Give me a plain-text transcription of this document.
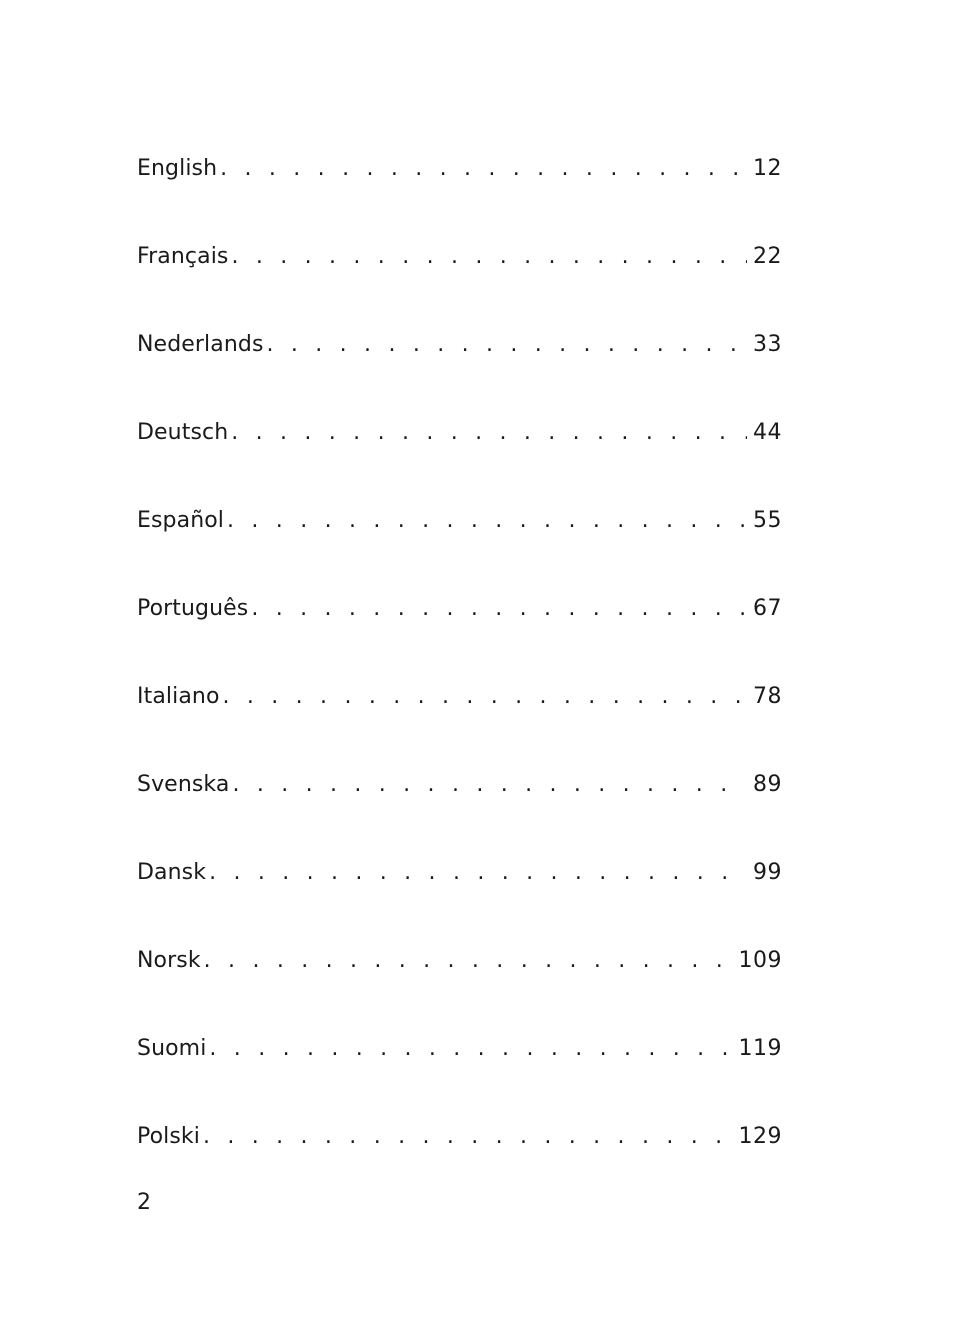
English . . .	12
Français . . .	22
Nederlands . . .	33
Deutsch . . .	44
Español . . .	55
Português . . .	67
Italiano . . .	78
Svenska . . .	89
Dansk . . .	99
Norsk . . .	109
Suomi . . .	119
Polski . . .	129
2
